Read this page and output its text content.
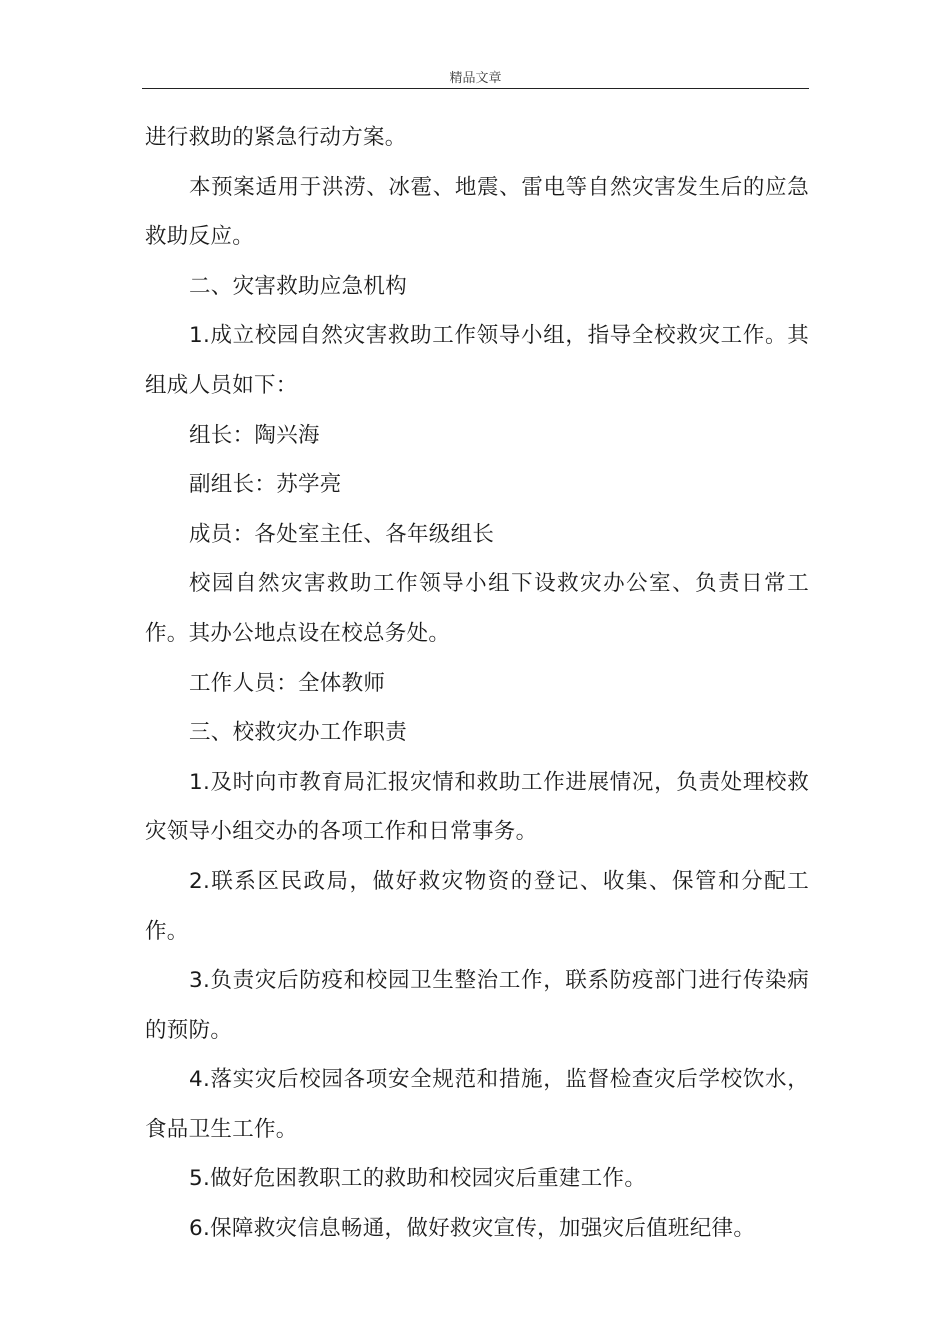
精品文章

进行救助的紧急行动方案。

本预案适用于洪涝、冰雹、地震、雷电等自然灾害发生后的应急救助反应。

二、灾害救助应急机构

1.成立校园自然灾害救助工作领导小组，指导全校救灾工作。其组成人员如下：

组长：陶兴海

副组长：苏学亮

成员：各处室主任、各年级组长

校园自然灾害救助工作领导小组下设救灾办公室、负责日常工作。其办公地点设在校总务处。

工作人员：全体教师

三、校救灾办工作职责

1.及时向市教育局汇报灾情和救助工作进展情况，负责处理校救灾领导小组交办的各项工作和日常事务。

2.联系区民政局，做好救灾物资的登记、收集、保管和分配工作。

3.负责灾后防疫和校园卫生整治工作，联系防疫部门进行传染病的预防。

4.落实灾后校园各项安全规范和措施，监督检查灾后学校饮水，食品卫生工作。

5.做好危困教职工的救助和校园灾后重建工作。

6.保障救灾信息畅通，做好救灾宣传，加强灾后值班纪律。
